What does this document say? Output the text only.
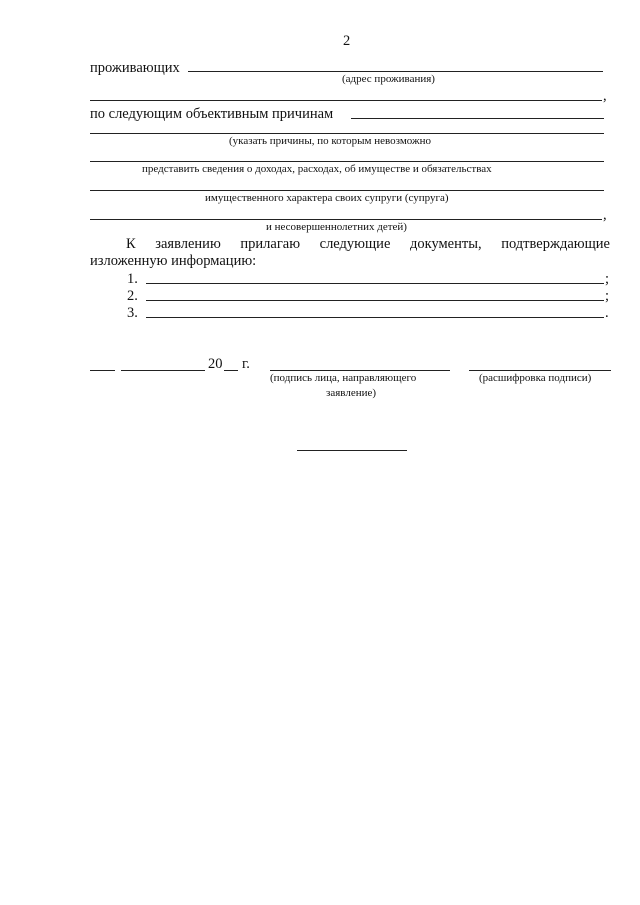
2
проживающих
(адрес проживания)
,
по следующим объективным причинам
(указать причины, по которым невозможно
представить сведения о доходах, расходах, об имуществе и обязательствах
имущественного характера своих супруги (супруга)
,
и несовершеннолетних детей)
К заявлению прилагаю следующие документы, подтверждающие
изложенную информацию:
1.	;
2.	;
3.	.
20 г.
(подпись лица, направляющего
заявление)
(расшифровка подписи)
